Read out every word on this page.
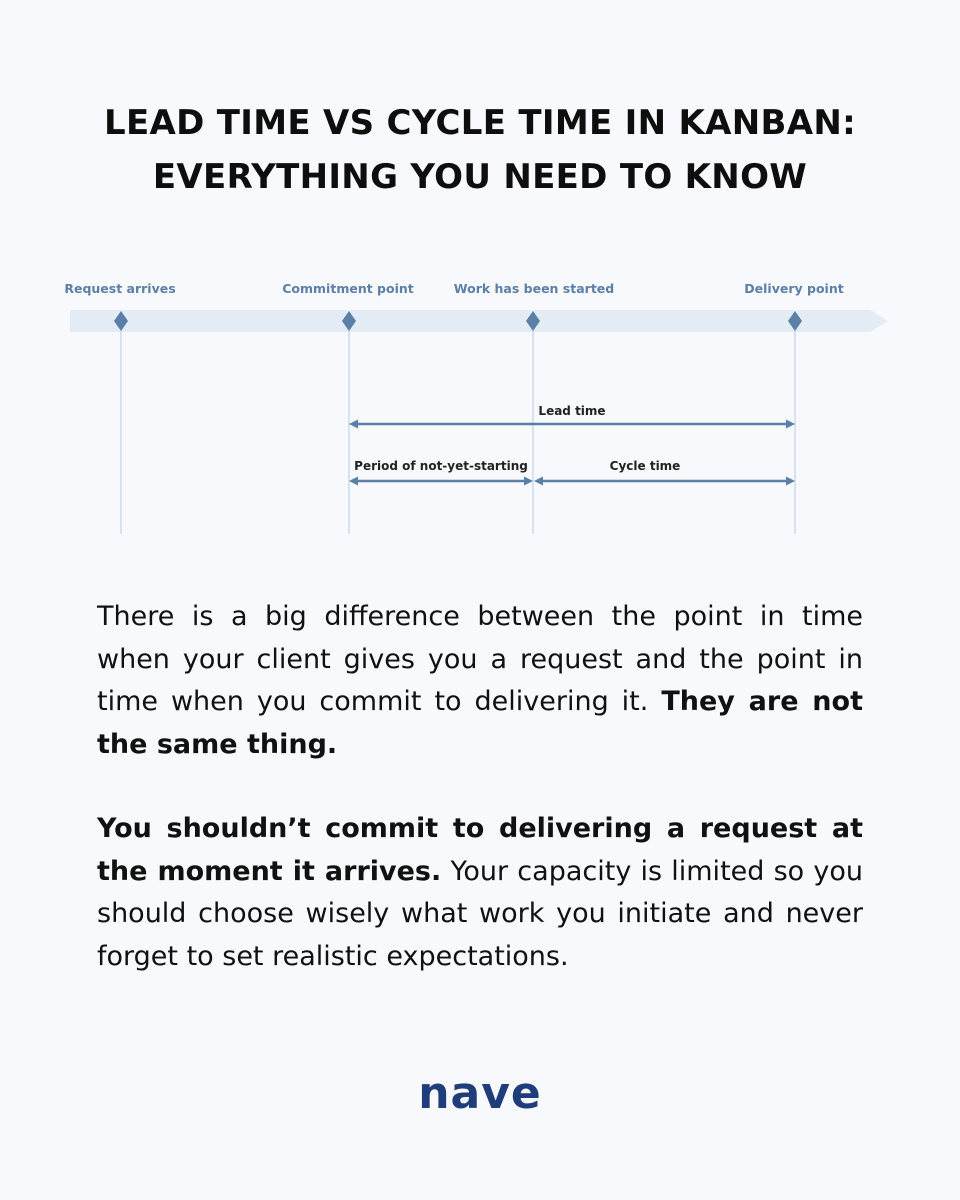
LEAD TIME VS CYCLE TIME IN KANBAN:
EVERYTHING YOU NEED TO KNOW
Request arrives	Commitment point	Work has been started	Delivery point
Lead time
Period of not-yet-starting	Cycle time

There is a big difference between the point in time when your client gives you a request and the point in time when you commit to delivering it. They are not the same thing.

You shouldn’t commit to delivering a request at the moment it arrives. Your capacity is limited so you should choose wisely what work you initiate and never forget to set realistic expectations.

nave
